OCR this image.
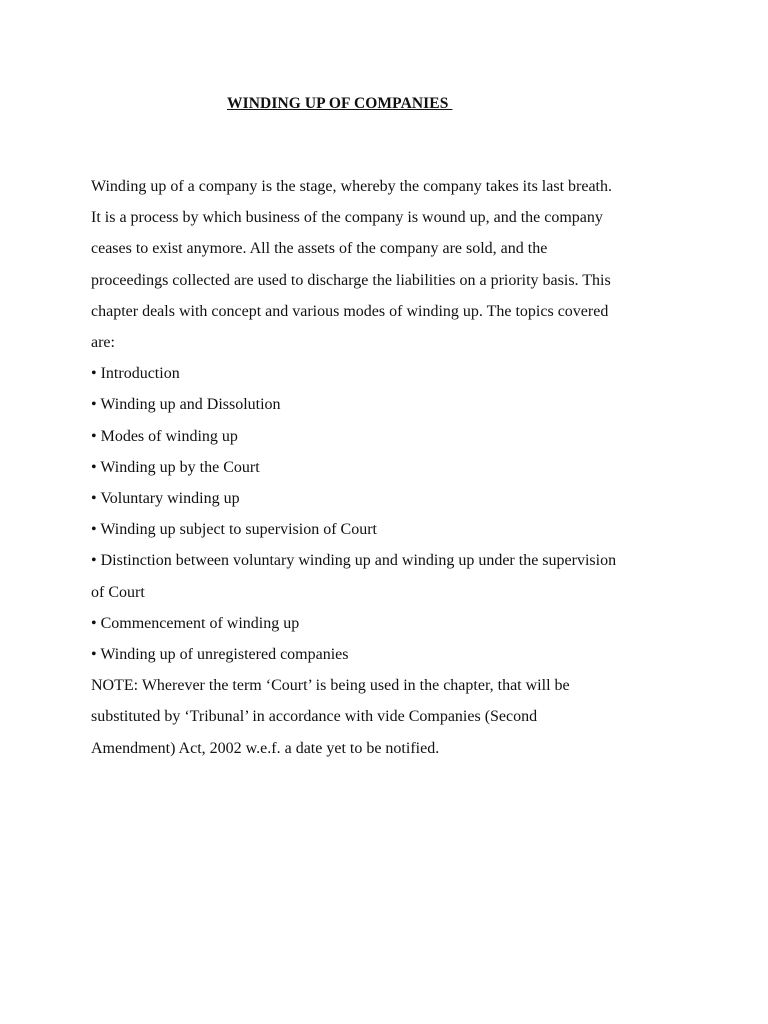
WINDING UP OF COMPANIES
Winding up of a company is the stage, whereby the company takes its last breath.
It is a process by which business of the company is wound up, and the company
ceases to exist anymore. All the assets of the company are sold, and the
proceedings collected are used to discharge the liabilities on a priority basis. This
chapter deals with concept and various modes of winding up. The topics covered
are:
• Introduction
• Winding up and Dissolution
• Modes of winding up
• Winding up by the Court
• Voluntary winding up
• Winding up subject to supervision of Court
• Distinction between voluntary winding up and winding up under the supervision
of Court
• Commencement of winding up
• Winding up of unregistered companies
NOTE: Wherever the term ‘Court’ is being used in the chapter, that will be
substituted by ‘Tribunal’ in accordance with vide Companies (Second
Amendment) Act, 2002 w.e.f. a date yet to be notified.
